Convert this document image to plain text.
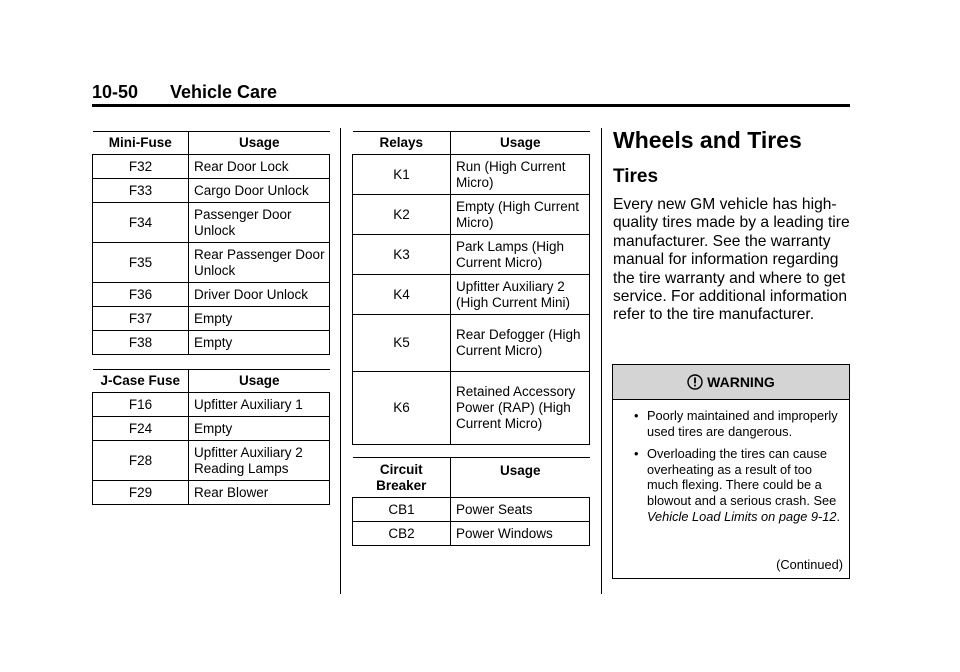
10-50 Vehicle Care
Mini-Fuse	Usage
F32	Rear Door Lock
F33	Cargo Door Unlock
F34	Passenger Door Unlock
F35	Rear Passenger Door Unlock
F36	Driver Door Unlock
F37	Empty
F38	Empty
J-Case Fuse	Usage
F16	Upfitter Auxiliary 1
F24	Empty
F28	Upfitter Auxiliary 2 Reading Lamps
F29	Rear Blower
Relays	Usage
K1	Run (High Current Micro)
K2	Empty (High Current Micro)
K3	Park Lamps (High Current Micro)
K4	Upfitter Auxiliary 2 (High Current Mini)
K5	Rear Defogger (High Current Micro)
K6	Retained Accessory Power (RAP) (High Current Micro)
Circuit Breaker	Usage
CB1	Power Seats
CB2	Power Windows
Wheels and Tires
Tires
Every new GM vehicle has high-quality tires made by a leading tire manufacturer. See the warranty manual for information regarding the tire warranty and where to get service. For additional information refer to the tire manufacturer.
WARNING
• Poorly maintained and improperly used tires are dangerous.
• Overloading the tires can cause overheating as a result of too much flexing. There could be a blowout and a serious crash. See Vehicle Load Limits on page 9-12.
(Continued)
